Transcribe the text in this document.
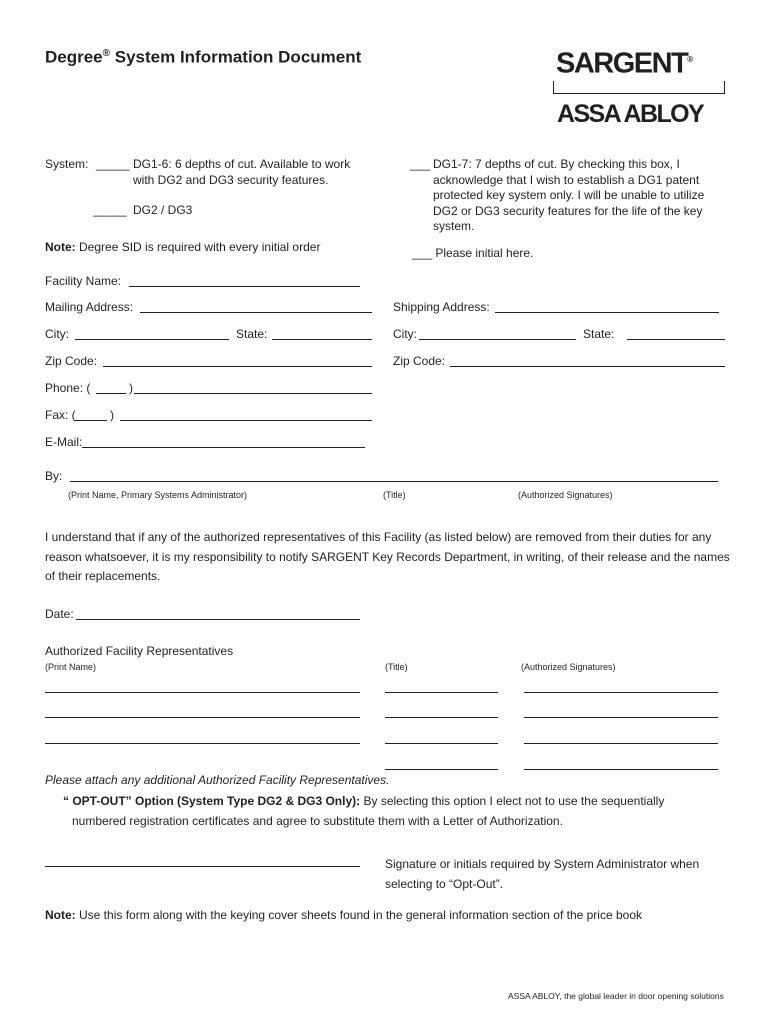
Degree® System Information Document	SARGENT®
ASSA ABLOY
System: _____ DG1-6: 6 depths of cut. Available to work with DG2 and DG3 security features.
_____ DG2 / DG3
___ DG1-7: 7 depths of cut. By checking this box, I acknowledge that I wish to establish a DG1 patent protected key system only. I will be unable to utilize DG2 or DG3 security features for the life of the key system.
Note: Degree SID is required with every initial order	___ Please initial here.
Facility Name:
Mailing Address:	Shipping Address:
City:	State:	City:	State:
Zip Code:	Zip Code:
Phone: (	)
Fax: (	)
E-Mail:
By:
(Print Name, Primary Systems Administrator)	(Title)	(Authorized Signatures)
I understand that if any of the authorized representatives of this Facility (as listed below) are removed from their duties for any reason whatsoever, it is my responsibility to notify SARGENT Key Records Department, in writing, of their release and the names of their replacements.
Date:
Authorized Facility Representatives
(Print Name)	(Title)	(Authorized Signatures)
Please attach any additional Authorized Facility Representatives.
“ OPT-OUT” Option (System Type DG2 & DG3 Only): By selecting this option I elect not to use the sequentially numbered registration certificates and agree to substitute them with a Letter of Authorization.
Signature or initials required by System Administrator when selecting to “Opt-Out”.
Note: Use this form along with the keying cover sheets found in the general information section of the price book
ASSA ABLOY, the global leader in door opening solutions
